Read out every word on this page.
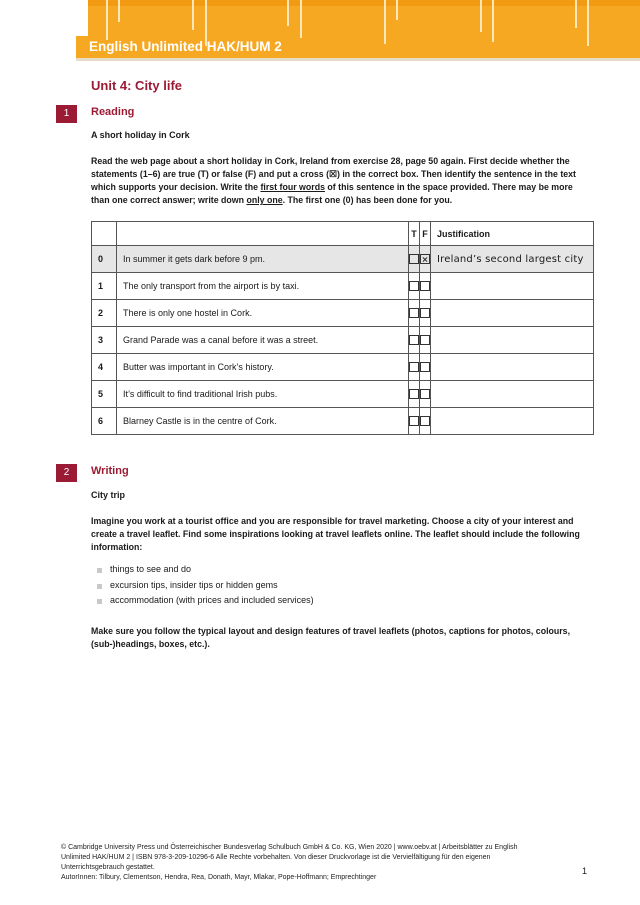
English Unlimited HAK/HUM 2
Unit 4: City life
1	Reading
A short holiday in Cork
Read the web page about a short holiday in Cork, Ireland from exercise 28, page 50 again. First decide whether the statements (1–6) are true (T) or false (F) and put a cross (☒) in the correct box. Then identify the sentence in the text which supports your decision. Write the first four words of this sentence in the space provided. There may be more than one correct answer; write down only one. The first one (0) has been done for you.
		T	F	Justification
0	In summer it gets dark before 9 pm.			Ireland’s second largest city
1	The only transport from the airport is by taxi.			
2	There is only one hostel in Cork.			
3	Grand Parade was a canal before it was a street.			
4	Butter was important in Cork’s history.			
5	It’s difficult to find traditional Irish pubs.			
6	Blarney Castle is in the centre of Cork.			
2	Writing
City trip
Imagine you work at a tourist office and you are responsible for travel marketing. Choose a city of your interest and create a travel leaflet. Find some inspirations looking at travel leaflets online. The leaflet should include the following information:
things to see and do
excursion tips, insider tips or hidden gems
accommodation (with prices and included services)
Make sure you follow the typical layout and design features of travel leaflets (photos, captions for photos, colours, (sub-)headings, boxes, etc.).
© Cambridge University Press und Österreichischer Bundesverlag Schulbuch GmbH & Co. KG, Wien 2020 | www.oebv.at | Arbeitsblätter zu English
Unlimited HAK/HUM 2 | ISBN 978-3-209-10296-6 Alle Rechte vorbehalten. Von dieser Druckvorlage ist die Vervielfältigung für den eigenen
Unterrichtsgebrauch gestattet.
AutorInnen: Tilbury, Clementson, Hendra, Rea, Donath, Mayr, Mlakar, Pope-Hoffmann; Emprechtinger
1
